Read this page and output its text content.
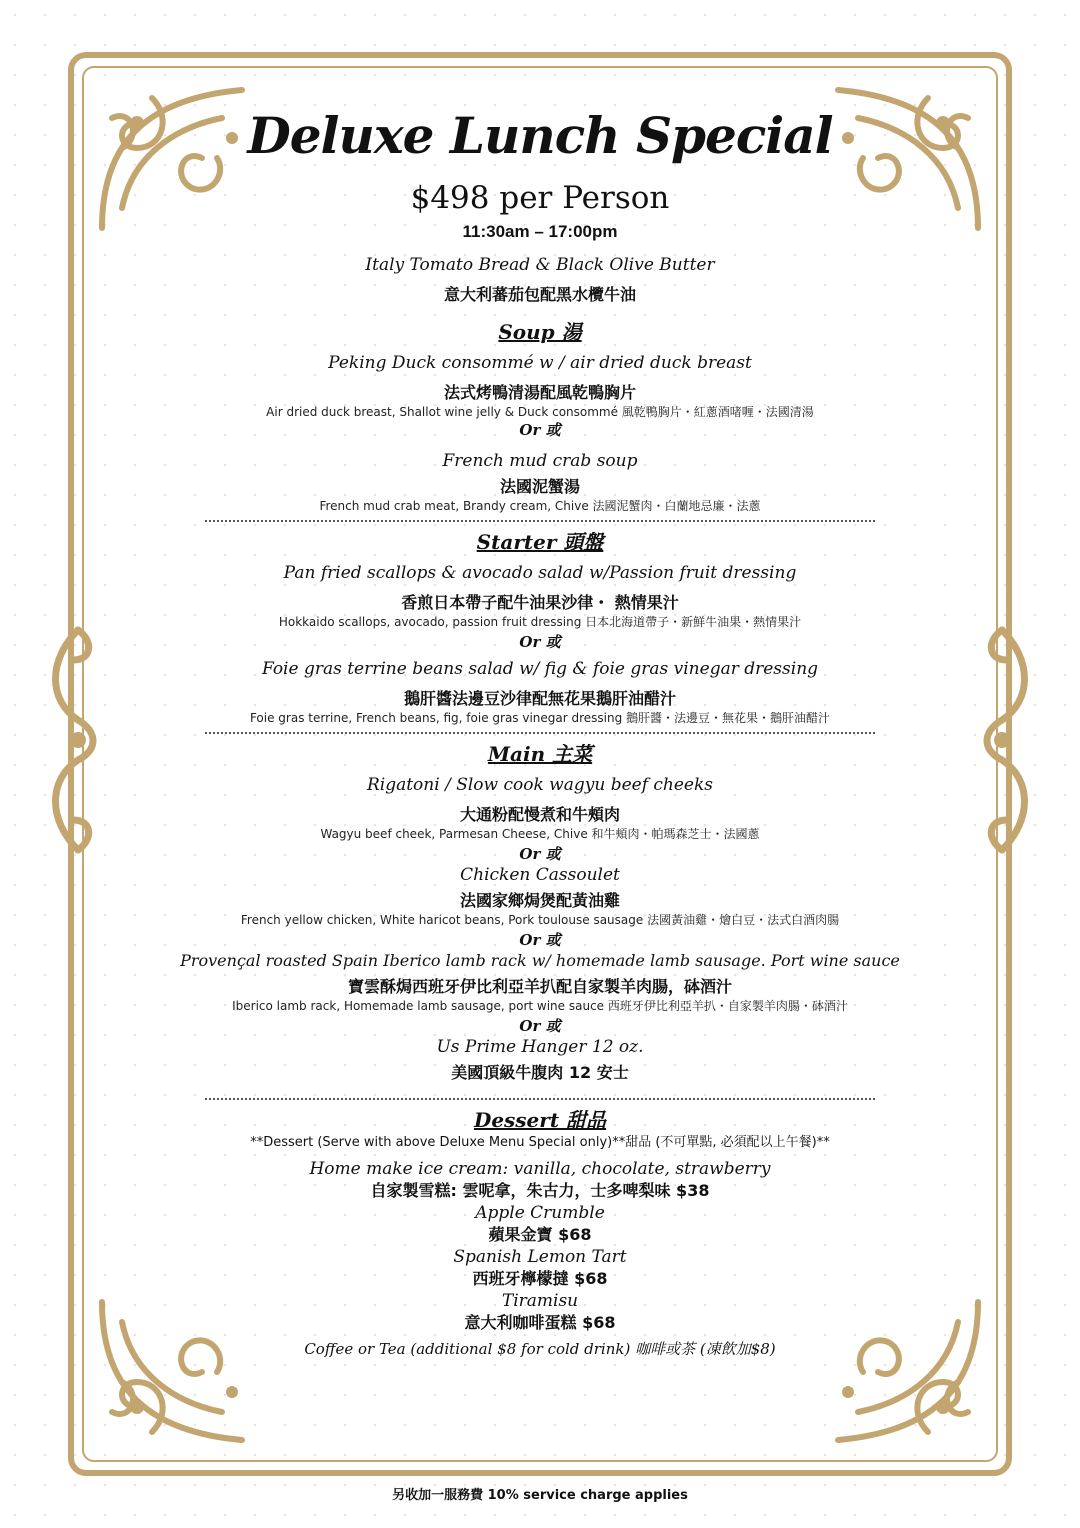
Deluxe Lunch Special
$498 per Person
11:30am – 17:00pm
Italy Tomato Bread & Black Olive Butter
意大利蕃茄包配黑水欖牛油
Soup 湯
Peking Duck consommé w / air dried duck breast
法式烤鴨清湯配風乾鴨胸片
Air dried duck breast, Shallot wine jelly & Duck consommé 風乾鴨胸片・紅蔥酒啫喱・法國清湯
Or 或
French mud crab soup
法國泥蟹湯
French mud crab meat, Brandy cream, Chive 法國泥蟹肉・白蘭地忌廉・法蔥
Starter 頭盤
Pan fried scallops & avocado salad w/Passion fruit dressing
香煎日本帶子配牛油果沙律・ 熱情果汁
Hokkaido scallops, avocado, passion fruit dressing 日本北海道帶子・新鮮牛油果・熱情果汁
Or 或
Foie gras terrine beans salad w/ fig & foie gras vinegar dressing
鵝肝醬法邊豆沙律配無花果鵝肝油醋汁
Foie gras terrine, French beans, fig, foie gras vinegar dressing 鵝肝醬・法邊豆・無花果・鵝肝油醋汁
Main 主菜
Rigatoni / Slow cook wagyu beef cheeks
大通粉配慢煮和牛頰肉
Wagyu beef cheek, Parmesan Cheese, Chive 和牛頰肉・帕瑪森芝士・法國蔥
Or 或
Chicken Cassoulet
法國家鄉焗煲配黃油雞
French yellow chicken, White haricot beans, Pork toulouse sausage 法國黃油雞・燴白豆・法式白酒肉腸
Or 或
Provençal roasted Spain Iberico lamb rack w/ homemade lamb sausage. Port wine sauce
寶雲酥焗西班牙伊比利亞羊扒配自家製羊肉腸，砵酒汁
Iberico lamb rack, Homemade lamb sausage, port wine sauce 西班牙伊比利亞羊扒・自家製羊肉腸・砵酒汁
Or 或
Us Prime Hanger 12 oz.
美國頂級牛腹肉 12 安士
Dessert 甜品
**Dessert (Serve with above Deluxe Menu Special only)**甜品 (不可單點, 必須配以上午餐)**
Home make ice cream: vanilla, chocolate, strawberry
自家製雪糕: 雲呢拿，朱古力，士多啤梨味 $38
Apple Crumble
蘋果金寶 $68
Spanish Lemon Tart
西班牙檸檬撻 $68
Tiramisu
意大利咖啡蛋糕 $68
Coffee or Tea (additional $8 for cold drink) 咖啡或茶 (凍飲加$8)
另收加一服務費 10% service charge applies
